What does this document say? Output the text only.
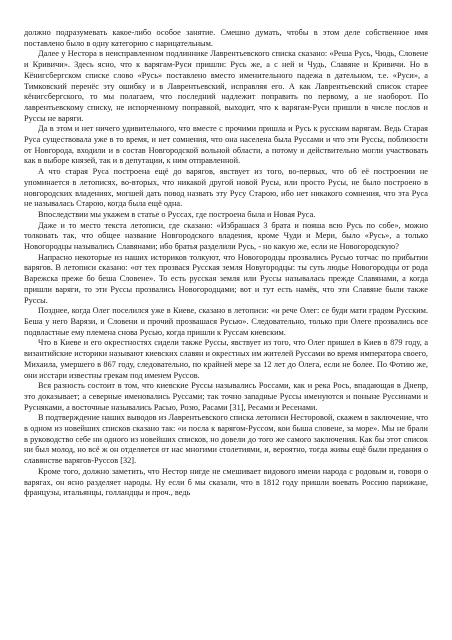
должно подразумевать какое-либо особое занятие. Смешно думать, чтобы в этом деле собственное имя поставлено было в одну категорию с нарицательным.

Далее у Нестора в неисправленном подлиннике Лаврентьевского списка сказано: «Реша Русь, Чюдь, Словене и Кривичи». Здесь ясно, что к варягам-Руси пришли: Русь же, а с ней и Чудь, Славяне и Кривичи. Но в Кёнигсбергском списке слово «Русь» поставлено вместо именительного падежа в дательном, т.е. «Руси», а Тимковский перенёс эту ошибку и в Лаврентьевский, исправляя его. А как Лаврентьевский список старее кёнигсбергского, то мы полагаем, что последний надлежит поправить по первому, а не наоборот. По лаврентьевскому списку, не испорченному поправкой, выходит, что к варягам-Руси пришли в числе послов и Руссы не варяги.

Да в этом и нет ничего удивительного, что вместе с прочими пришла и Русь к русским варягам. Ведь Старая Руса существовала уже в то время, и нет сомнения, что она населена была Руссами и что эти Руссы, поблизости от Новгорода, входили и в состав Новгородской вольной области, а потому и действительно могли участвовать как в выборе князей, так и в депутации, к ним отправленной.

А что старая Руса построена ещё до варягов, явствует из того, во-первых, что об её построении не упоминается в летописях, во-вторых, что никакой другой новой Русы, или просто Русы, не было построено в новгородских владениях, могшей дать повод назвать эту Русу Старою, ибо нет никакого сомнения, что эта Руса не называлась Старою, когда была ещё одна.

Впоследствии мы укажем в статье о Руссах, где построена была и Новая Руса.

Даже и то место текста летописи, где сказано: «Избрашася 3 брата и пояша всю Русь по собе», можно толковать так, что общее название Новгородского владения, кроме Чуди и Мери, было «Русь», а только Новогородцы назывались Славянами; ибо братья разделили Русь, - но какую же, если не Новогородскую?

Напрасно некоторые из наших историков толкуют, что Новогородцы прозвались Русью тотчас по прибытии варягов. В летописи сказано: «от тех прозвася Русская земля Новугородцы: ты суть людье Новогородцы от рода Варежска преже бо беша Словене». То есть русская земля или Руссы называлась прежде Славянами, а когда пришли варяги, то эти Руссы прозвались Новогородцами; вот и тут есть намёк, что эти Славяне были также Руссы.

Позднее, когда Олег поселился уже в Киеве, сказано в летописи: «и рече Олег: се буди мати градом Русским. Беша у него Варязи, и Словени и прочий прозвашася Русью». Следовательно, только при Олеге прозвались все подвластные ему племена снова Русью, когда пришли к Руссам киевским.

Что в Киеве и его окрестностях сидели также Руссы, явствует из того, что Олег пришел в Киев в 879 году, а византийские историки называют киевских славян и окрестных им жителей Руссами во время императора своего, Михаила, умершего в 867 году, следовательно, по крайней мере за 12 лет до Олега, если не более. По Фотию же, они исстари известны грекам под именем Руссов.

Вся разность состоит в том, что киевские Руссы назывались Россами, как и река Рось, впадающая в Днепр, это доказывает; а северные именовались Руссами; так точно западные Руссы именуются и поныне Руссинами и Русняками, а восточные назывались Расью, Розю, Расами [31], Ресами и Ресенами.

В подтверждение наших выводов из Лаврентьевского списка летописи Несторовой, скажем в заключение, что в одном из новейших списков сказано так: «и посла к варягом-Руссом, кои быша словене, за море». Мы не брали в руководство себе ни одного из новейших списков, но довели до того же самого заключения. Как бы этот список ни был молод, но всё ж он отделяется от нас многими столетиями, и, вероятно, тогда живы ещё были предания о славянстве варягов-Руссов [32].

Кроме того, должно заметить, что Нестор нигде не смешивает видового имени народа с родовым и, говоря о варягах, он ясно разделяет народы. Ну если б мы сказали, что в 1812 году пришли воевать Россию парижане, французы, итальянцы, голландцы и проч., ведь
